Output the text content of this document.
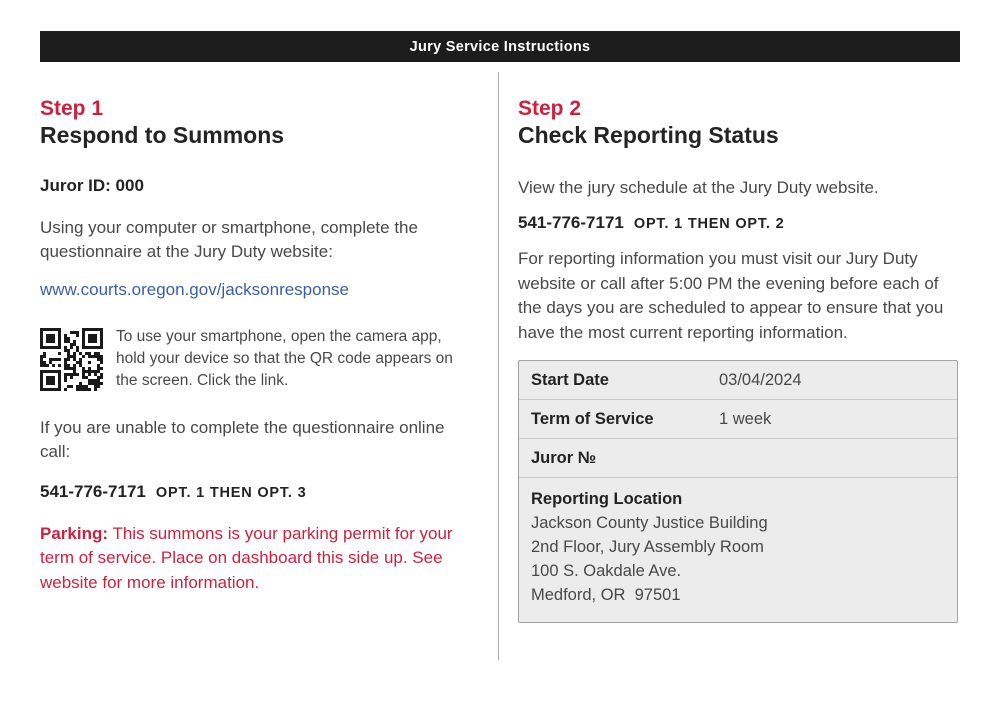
Jury Service Instructions
Step 1
Respond to Summons
Juror ID: 000

Using your computer or smartphone, complete the questionnaire at the Jury Duty website:

www.courts.oregon.gov/jacksonresponse
To use your smartphone, open the camera app, hold your device so that the QR code appears on the screen. Click the link.

If you are unable to complete the questionnaire online call:

541-776-7171 OPT. 1 THEN OPT. 3

Parking: This summons is your parking permit for your term of service. Place on dashboard this side up. See website for more information.

Step 2
Check Reporting Status

View the jury schedule at the Jury Duty website.

541-776-7171 OPT. 1 THEN OPT. 2

For reporting information you must visit our Jury Duty website or call after 5:00 PM the evening before each of the days you are scheduled to appear to ensure that you have the most current reporting information.

Start Date	03/04/2024
Term of Service	1 week
Juror №
Reporting Location
Jackson County Justice Building
2nd Floor, Jury Assembly Room
100 S. Oakdale Ave.
Medford, OR  97501
